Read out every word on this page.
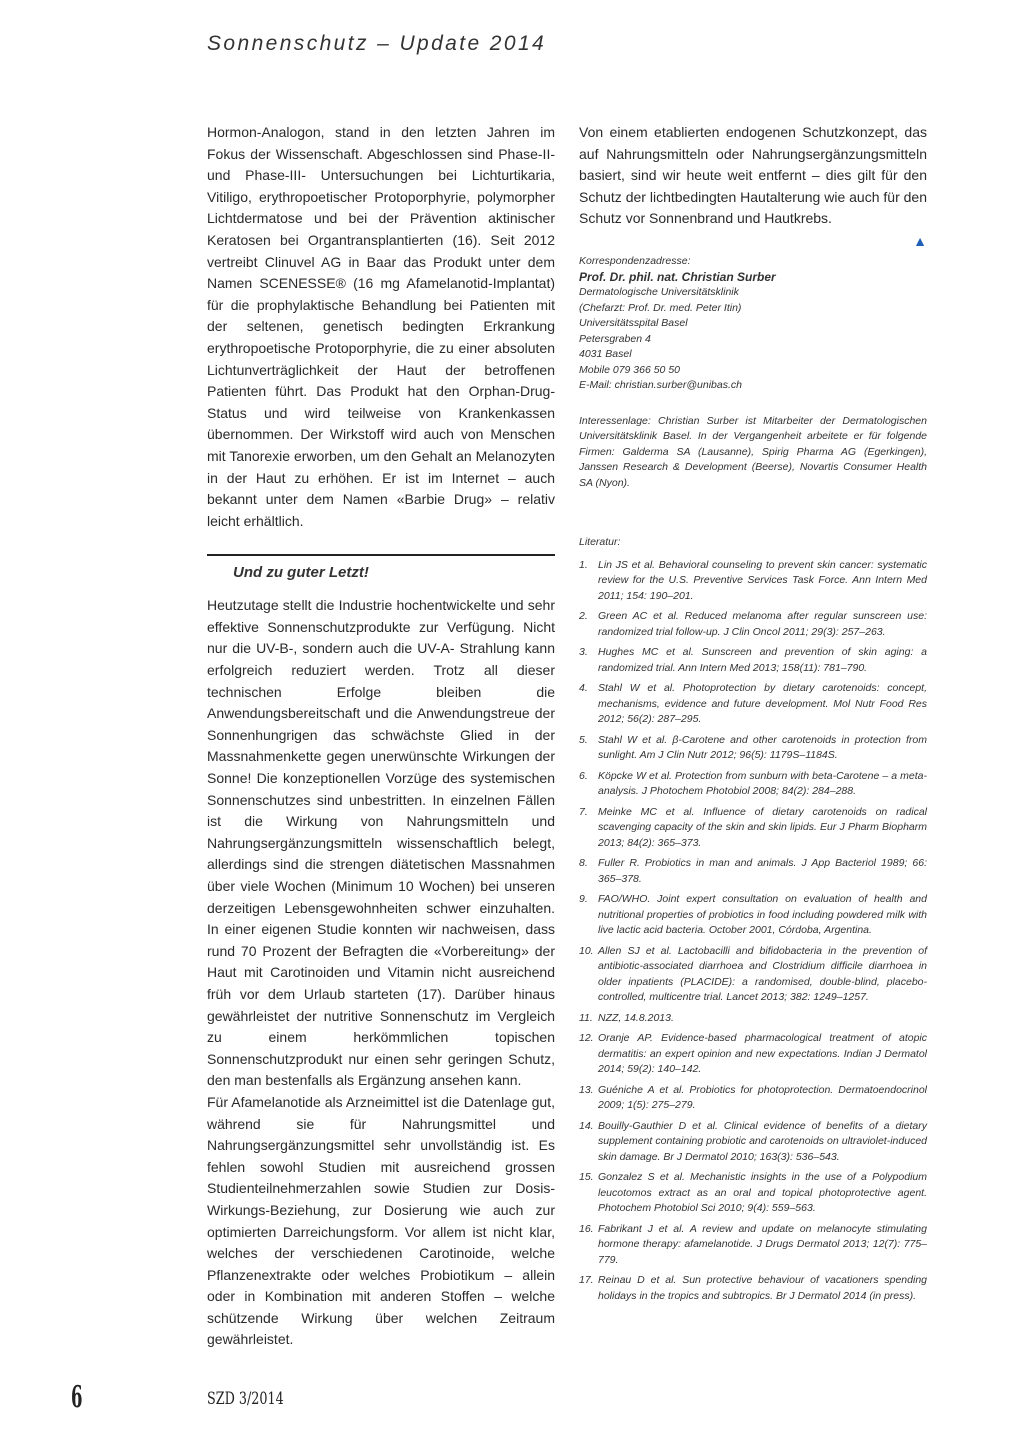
Sonnenschutz – Update 2014

Hormon-Analogon, stand in den letzten Jahren im Fokus der Wissenschaft. Abgeschlossen sind Phase-II- und Phase-III- Untersuchungen bei Lichturtikaria, Vitiligo, erythropoetischer Protoporphyrie, polymorpher Lichtdermatose und bei der Prävention aktinischer Keratosen bei Organtransplantierten (16). Seit 2012 vertreibt Clinuvel AG in Baar das Produkt unter dem Namen SCENESSE® (16 mg Afamelanotid-Implantat) für die prophylaktische Behandlung bei Patienten mit der seltenen, genetisch bedingten Erkrankung erythropoetische Protoporphyrie, die zu einer absoluten Lichtunverträglichkeit der Haut der betroffenen Patienten führt. Das Produkt hat den Orphan-Drug-Status und wird teilweise von Krankenkassen übernommen. Der Wirkstoff wird auch von Menschen mit Tanorexie erworben, um den Gehalt an Melanozyten in der Haut zu erhöhen. Er ist im Internet – auch bekannt unter dem Namen «Barbie Drug» – relativ leicht erhältlich.

Und zu guter Letzt!

Heutzutage stellt die Industrie hochentwickelte und sehr effektive Sonnenschutzprodukte zur Verfügung. Nicht nur die UV-B-, sondern auch die UV-A- Strahlung kann erfolgreich reduziert werden. Trotz all dieser technischen Erfolge bleiben die Anwendungsbereitschaft und die Anwendungstreue der Sonnenhungrigen das schwächste Glied in der Massnahmenkette gegen unerwünschte Wirkungen der Sonne! Die konzeptionellen Vorzüge des systemischen Sonnenschutzes sind unbestritten. In einzelnen Fällen ist die Wirkung von Nahrungsmitteln und Nahrungsergänzungsmitteln wissenschaftlich belegt, allerdings sind die strengen diätetischen Massnahmen über viele Wochen (Minimum 10 Wochen) bei unseren derzeitigen Lebensgewohnheiten schwer einzuhalten. In einer eigenen Studie konnten wir nachweisen, dass rund 70 Prozent der Befragten die «Vorbereitung» der Haut mit Carotinoiden und Vitamin nicht ausreichend früh vor dem Urlaub starteten (17). Darüber hinaus gewährleistet der nutritive Sonnenschutz im Vergleich zu einem herkömmlichen topischen Sonnenschutzprodukt nur einen sehr geringen Schutz, den man bestenfalls als Ergänzung ansehen kann.

Für Afamelanotide als Arzneimittel ist die Datenlage gut, während sie für Nahrungsmittel und Nahrungsergänzungsmittel sehr unvollständig ist. Es fehlen sowohl Studien mit ausreichend grossen Studienteilnehmerzahlen sowie Studien zur Dosis-Wirkungs-Beziehung, zur Dosierung wie auch zur optimierten Darreichungsform. Vor allem ist nicht klar, welches der verschiedenen Carotinoide, welche Pflanzenextrakte oder welches Probiotikum – allein oder in Kombination mit anderen Stoffen – welche schützende Wirkung über welchen Zeitraum gewährleistet.

Von einem etablierten endogenen Schutzkonzept, das auf Nahrungsmitteln oder Nahrungsergänzungsmitteln basiert, sind wir heute weit entfernt – dies gilt für den Schutz der lichtbedingten Hautalterung wie auch für den Schutz vor Sonnenbrand und Hautkrebs.

▲

Korrespondenzadresse:

Prof. Dr. phil. nat. Christian Surber

Dermatologische Universitätsklinik

(Chefarzt: Prof. Dr. med. Peter Itin)

Universitätsspital Basel

Petersgraben 4

4031 Basel

Mobile 079 366 50 50

E-Mail: christian.surber@unibas.ch

Interessenlage: Christian Surber ist Mitarbeiter der Dermatologischen Universitätsklinik Basel. In der Vergangenheit arbeitete er für folgende Firmen: Galderma SA (Lausanne), Spirig Pharma AG (Egerkingen), Janssen Research & Development (Beerse), Novartis Consumer Health SA (Nyon).

Literatur:

1. Lin JS et al. Behavioral counseling to prevent skin cancer: systematic review for the U.S. Preventive Services Task Force. Ann Intern Med 2011; 154: 190–201.
2. Green AC et al. Reduced melanoma after regular sunscreen use: randomized trial follow-up. J Clin Oncol 2011; 29(3): 257–263.
3. Hughes MC et al. Sunscreen and prevention of skin aging: a randomized trial. Ann Intern Med 2013; 158(11): 781–790.
4. Stahl W et al. Photoprotection by dietary carotenoids: concept, mechanisms, evidence and future development. Mol Nutr Food Res 2012; 56(2): 287–295.
5. Stahl W et al. β-Carotene and other carotenoids in protection from sunlight. Am J Clin Nutr 2012; 96(5): 1179S–1184S.
6. Köpcke W et al. Protection from sunburn with beta-Carotene – a meta-analysis. J Photochem Photobiol 2008; 84(2): 284–288.
7. Meinke MC et al. Influence of dietary carotenoids on radical scavenging capacity of the skin and skin lipids. Eur J Pharm Biopharm 2013; 84(2): 365–373.
8. Fuller R. Probiotics in man and animals. J App Bacteriol 1989; 66: 365–378.
9. FAO/WHO. Joint expert consultation on evaluation of health and nutritional properties of probiotics in food including powdered milk with live lactic acid bacteria. October 2001, Córdoba, Argentina.
10. Allen SJ et al. Lactobacilli and bifidobacteria in the prevention of antibiotic-associated diarrhoea and Clostridium difficile diarrhoea in older inpatients (PLACIDE): a randomised, double-blind, placebo-controlled, multicentre trial. Lancet 2013; 382: 1249–1257.
11. NZZ, 14.8.2013.
12. Oranje AP. Evidence-based pharmacological treatment of atopic dermatitis: an expert opinion and new expectations. Indian J Dermatol 2014; 59(2): 140–142.
13. Guéniche A et al. Probiotics for photoprotection. Dermatoendocrinol 2009; 1(5): 275–279.
14. Bouilly-Gauthier D et al. Clinical evidence of benefits of a dietary supplement containing probiotic and carotenoids on ultraviolet-induced skin damage. Br J Dermatol 2010; 163(3): 536–543.
15. Gonzalez S et al. Mechanistic insights in the use of a Polypodium leucotomos extract as an oral and topical photoprotective agent. Photochem Photobiol Sci 2010; 9(4): 559–563.
16. Fabrikant J et al. A review and update on melanocyte stimulating hormone therapy: afamelanotide. J Drugs Dermatol 2013; 12(7): 775–779.
17. Reinau D et al. Sun protective behaviour of vacationers spending holidays in the tropics and subtropics. Br J Dermatol 2014 (in press).
6	SZD 3/2014
